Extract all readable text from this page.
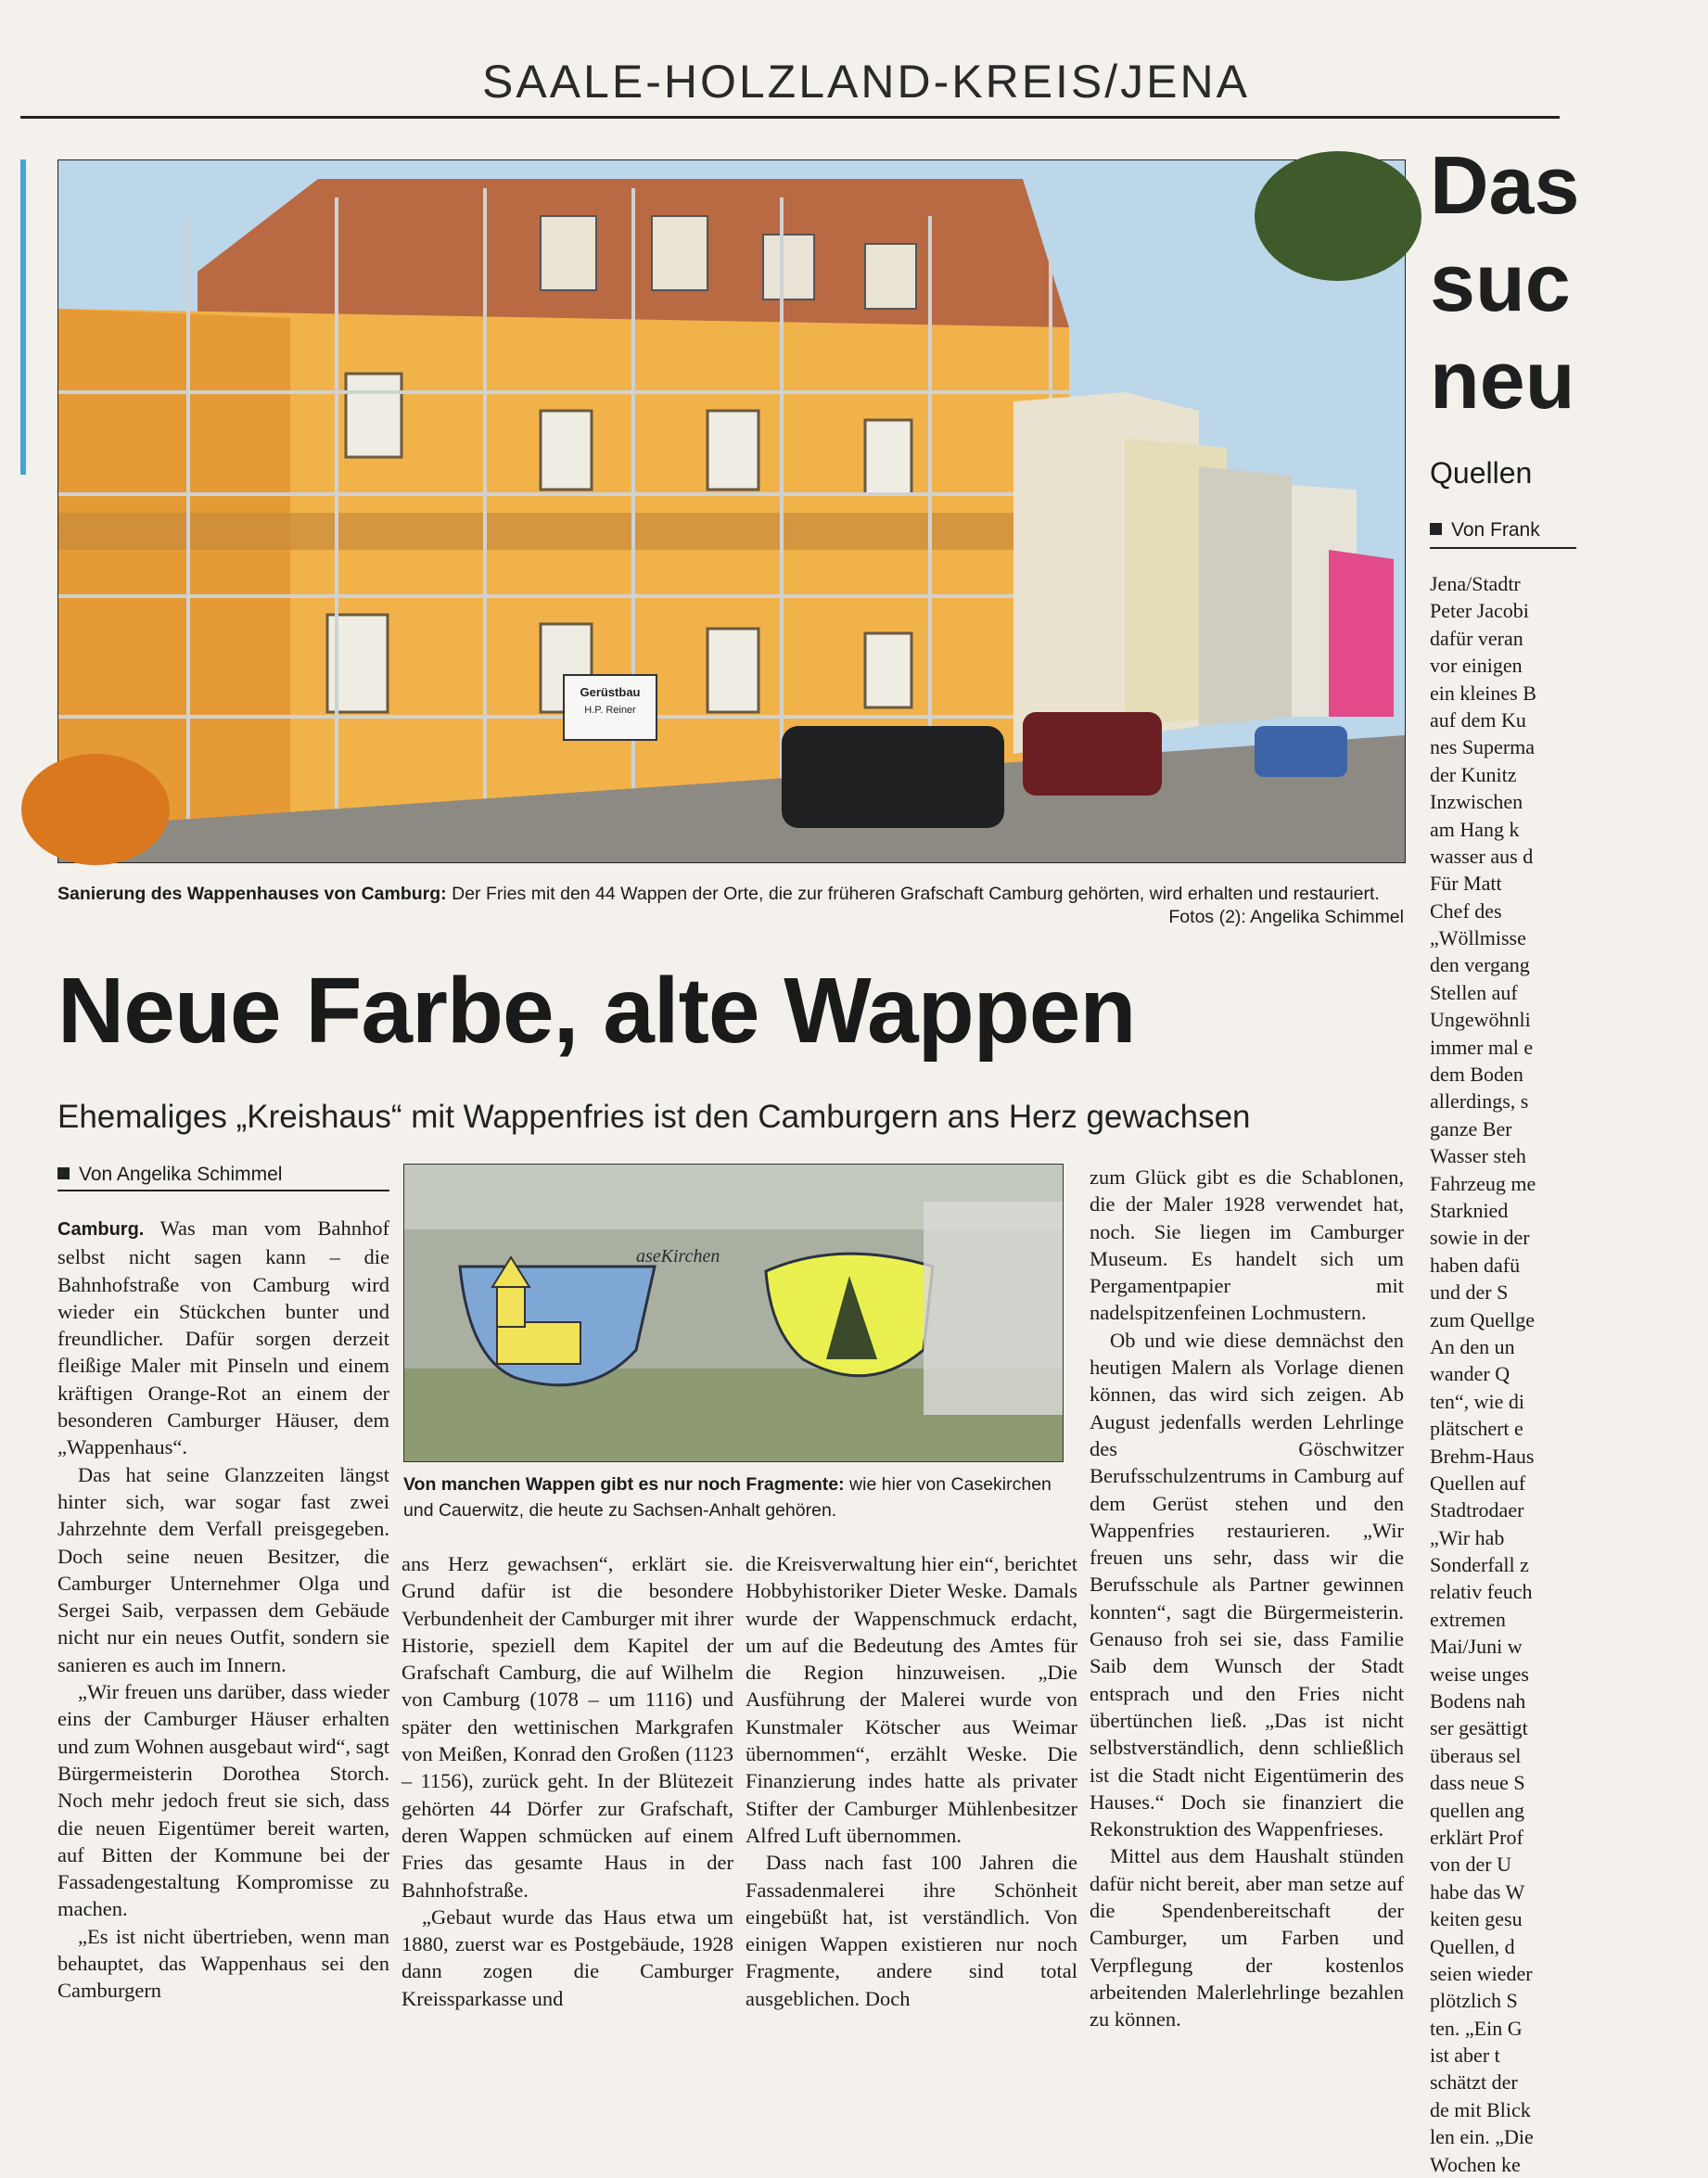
SAALE-HOLZLAND-KREIS/JENA
Gerüstbau
H.P. Reiner
Sanierung des Wappenhauses von Camburg: Der Fries mit den 44 Wappen der Orte, die zur früheren Grafschaft Camburg gehörten, wird erhalten und restauriert.
Fotos (2): Angelika Schimmel
Neue Farbe, alte Wappen
Ehemaliges „Kreishaus“ mit Wappenfries ist den Camburgern ans Herz gewachsen
Von Angelika Schimmel

Camburg. Was man vom Bahnhof selbst nicht sagen kann – die Bahnhofstraße von Camburg wird wieder ein Stückchen bunter und freundlicher. Dafür sorgen derzeit fleißige Maler mit Pinseln und einem kräftigen Orange-Rot an einem der besonderen Camburger Häuser, dem „Wappenhaus“.

Das hat seine Glanzzeiten längst hinter sich, war sogar fast zwei Jahrzehnte dem Verfall preisgegeben. Doch seine neuen Besitzer, die Camburger Unternehmer Olga und Sergei Saib, verpassen dem Gebäude nicht nur ein neues Outfit, sondern sie sanieren es auch im Innern.

„Wir freuen uns darüber, dass wieder eins der Camburger Häuser erhalten und zum Wohnen ausgebaut wird“, sagt Bürgermeisterin Dorothea Storch. Noch mehr jedoch freut sie sich, dass die neuen Eigentümer bereit warten, auf Bitten der Kommune bei der Fassadengestaltung Kompromisse zu machen.

„Es ist nicht übertrieben, wenn man behauptet, das Wappenhaus sei den Camburgern

aseKirchen
Von manchen Wappen gibt es nur noch Fragmente: wie hier von Casekirchen und Cauerwitz, die heute zu Sachsen-Anhalt gehören.

ans Herz gewachsen“, erklärt sie. Grund dafür ist die besondere Verbundenheit der Camburger mit ihrer Historie, speziell dem Kapitel der Grafschaft Camburg, die auf Wilhelm von Camburg (1078 – um 1116) und später den wettinischen Markgrafen von Meißen, Konrad den Großen (1123 – 1156), zurück geht. In der Blütezeit gehörten 44 Dörfer zur Grafschaft, deren Wappen schmücken auf einem Fries das gesamte Haus in der Bahnhofstraße.

„Gebaut wurde das Haus etwa um 1880, zuerst war es Postgebäude, 1928 dann zogen die Camburger Kreissparkasse und

die Kreisverwaltung hier ein“, berichtet Hobbyhistoriker Dieter Weske. Damals wurde der Wappenschmuck erdacht, um auf die Bedeutung des Amtes für die Region hinzuweisen. „Die Ausführung der Malerei wurde von Kunstmaler Kötscher aus Weimar übernommen“, erzählt Weske. Die Finanzierung indes hatte als privater Stifter der Camburger Mühlenbesitzer Alfred Luft übernommen.

Dass nach fast 100 Jahren die Fassadenmalerei ihre Schönheit eingebüßt hat, ist verständlich. Von einigen Wappen existieren nur noch Fragmente, andere sind total ausgeblichen. Doch

zum Glück gibt es die Schablonen, die der Maler 1928 verwendet hat, noch. Sie liegen im Camburger Museum. Es handelt sich um Pergamentpapier mit nadelspitzenfeinen Lochmustern.

Ob und wie diese demnächst den heutigen Malern als Vorlage dienen können, das wird sich zeigen. Ab August jedenfalls werden Lehrlinge des Göschwitzer Berufsschulzentrums in Camburg auf dem Gerüst stehen und den Wappenfries restaurieren. „Wir freuen uns sehr, dass wir die Berufsschule als Partner gewinnen konnten“, sagt die Bürgermeisterin. Genauso froh sei sie, dass Familie Saib dem Wunsch der Stadt entsprach und den Fries nicht übertünchen ließ. „Das ist nicht selbstverständlich, denn schließlich ist die Stadt nicht Eigentümerin des Hauses.“ Doch sie finanziert die Rekonstruktion des Wappenfrieses.

Mittel aus dem Haushalt stünden dafür nicht bereit, aber man setze auf die Spendenbereitschaft der Camburger, um Farben und Verpflegung der kostenlos arbeitenden Malerlehrlinge bezahlen zu können.

Das
suc
neu
Quellen
Von Frank
Jena/Stadtr
Peter Jacobi
dafür veran
vor einigen
ein kleines B
auf dem Ku
nes Superma
der Kunitz
Inzwischen
am Hang k
wasser aus d
Für Matt
Chef des
„Wöllmisse
den vergang
Stellen auf
Ungewöhnli
immer mal e
dem Boden
allerdings, s
ganze Ber
Wasser steh
Fahrzeug me
Starknied
sowie in der
haben dafü
und der S
zum Quellge
An den un
wander Q
ten“, wie di
plätschert e
Brehm-Haus
Quellen auf
Stadtrodaer
„Wir hab
Sonderfall z
relativ feuch
extremen
Mai/Juni w
weise unges
Bodens nah
ser gesättigt
überaus sel
dass neue S
quellen ang
erklärt Prof
von der U
habe das W
keiten gesu
Quellen, d
seien wieder
plötzlich S
ten. „Ein G
ist aber t
schätzt der
de mit Blick
len ein. „Die
Wochen ke
